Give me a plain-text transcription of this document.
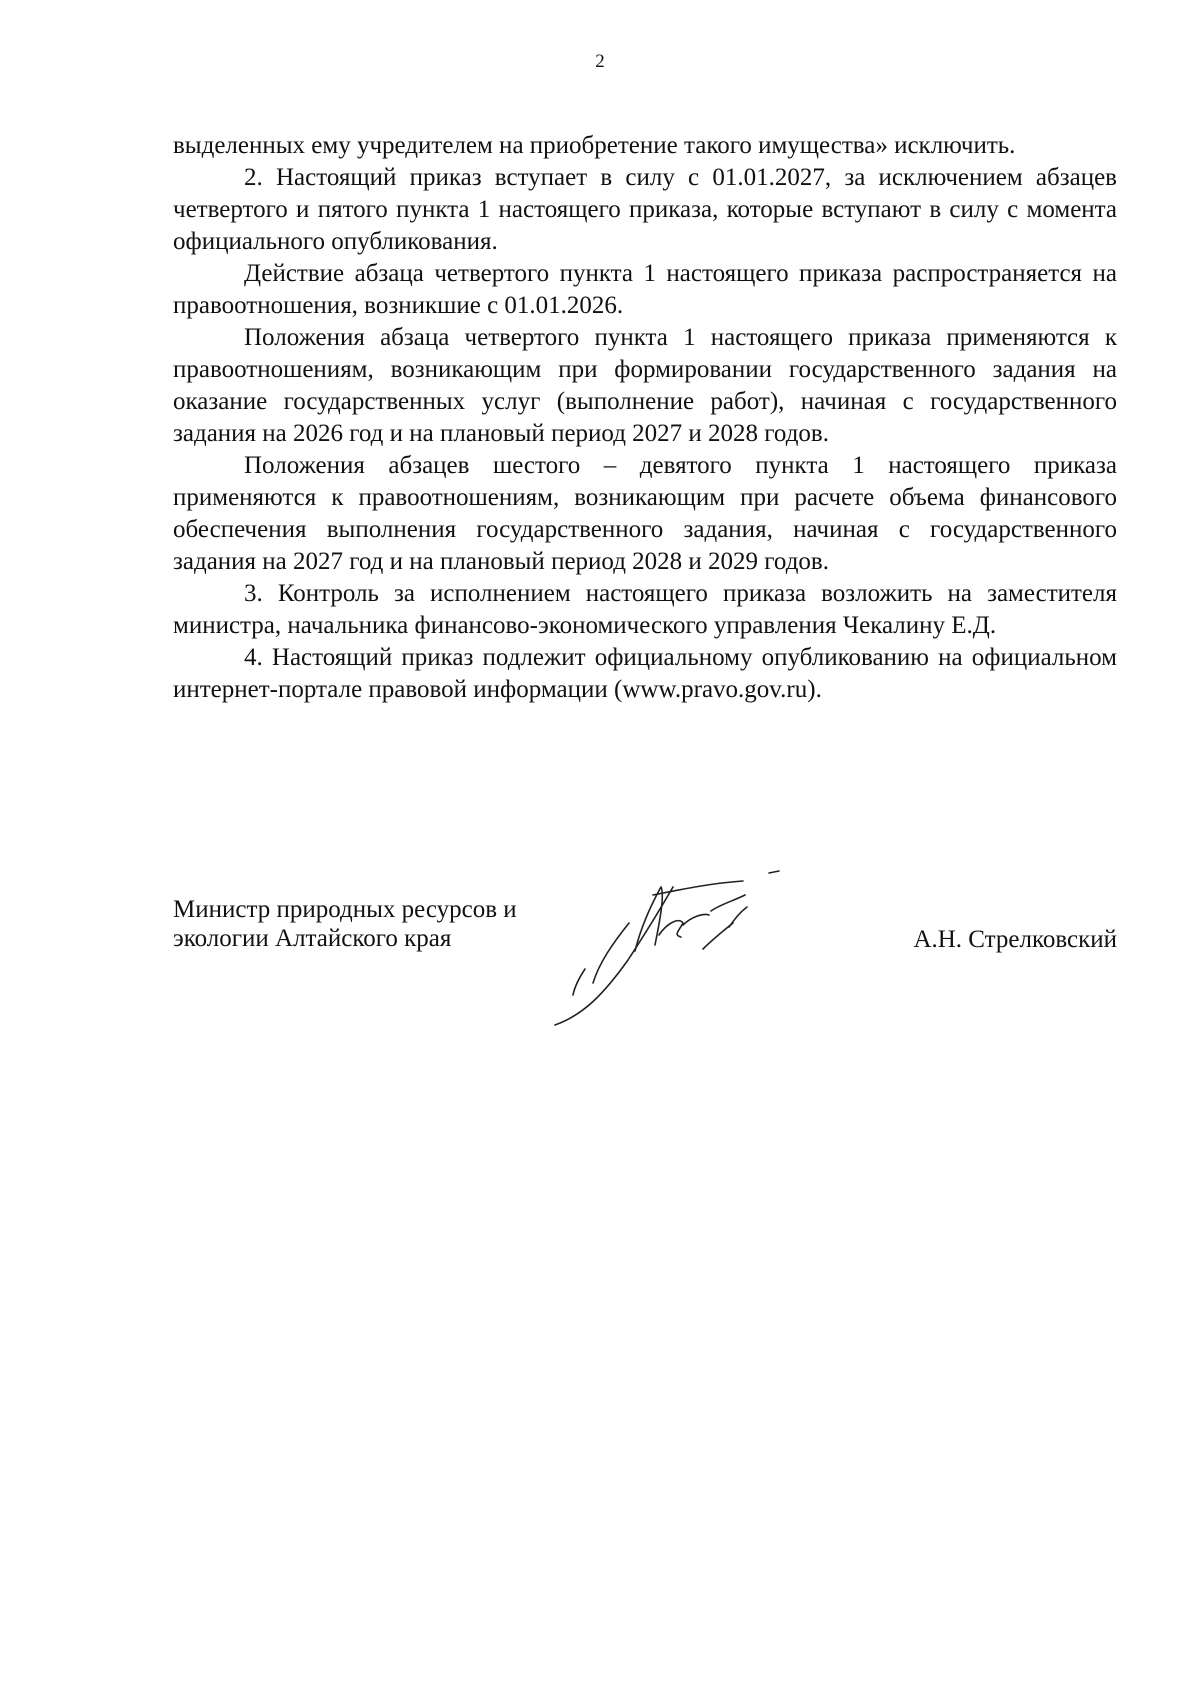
2

выделенных ему учредителем на приобретение такого имущества» исключить.

2. Настоящий приказ вступает в силу с 01.01.2027, за исключением абзацев четвертого и пятого пункта 1 настоящего приказа, которые вступают в силу с момента официального опубликования.

Действие абзаца четвертого пункта 1 настоящего приказа распространяется на правоотношения, возникшие с 01.01.2026.

Положения абзаца четвертого пункта 1 настоящего приказа применяются к правоотношениям, возникающим при формировании государственного задания на оказание государственных услуг (выполнение работ), начиная с государственного задания на 2026 год и на плановый период 2027 и 2028 годов.

Положения абзацев шестого – девятого пункта 1 настоящего приказа применяются к правоотношениям, возникающим при расчете объема финансового обеспечения выполнения государственного задания, начиная с государственного задания на 2027 год и на плановый период 2028 и 2029 годов.

3. Контроль за исполнением настоящего приказа возложить на заместителя министра, начальника финансово-экономического управления Чекалину Е.Д.

4. Настоящий приказ подлежит официальному опубликованию на официальном интернет-портале правовой информации (www.pravo.gov.ru).

Министр природных ресурсов и
экологии Алтайского края	А.Н. Стрелковский
